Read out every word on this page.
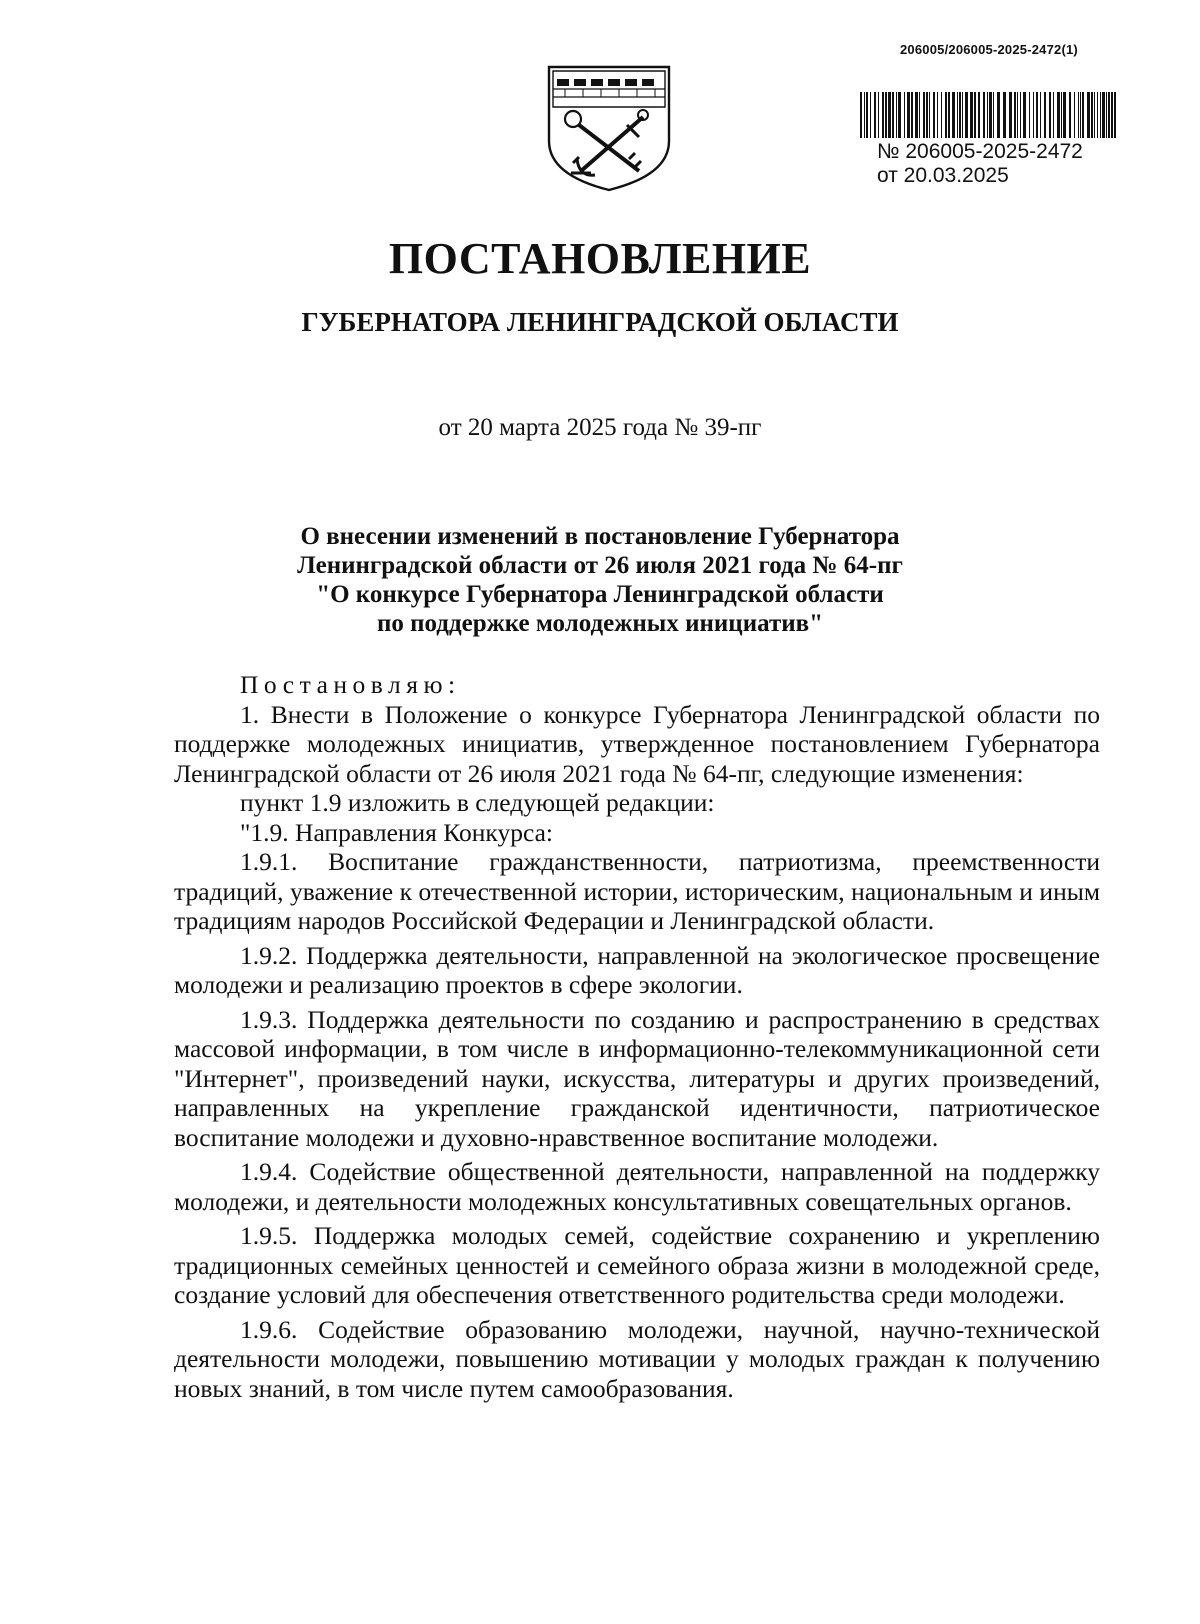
206005/206005-2025-2472(1)
№ 206005-2025-2472
от 20.03.2025
ПОСТАНОВЛЕНИЕ
ГУБЕРНАТОРА ЛЕНИНГРАДСКОЙ ОБЛАСТИ
от 20 марта 2025 года № 39-пг
О внесении изменений в постановление Губернатора
Ленинградской области от 26 июля 2021 года № 64-пг
"О конкурсе Губернатора Ленинградской области
по поддержке молодежных инициатив"

Постановляю:

1. Внести в Положение о конкурсе Губернатора Ленинградской области по поддержке молодежных инициатив, утвержденное постановлением Губернатора Ленинградской области от 26 июля 2021 года № 64-пг, следующие изменения:

пункт 1.9 изложить в следующей редакции:

"1.9. Направления Конкурса:

1.9.1. Воспитание гражданственности, патриотизма, преемственности традиций, уважение к отечественной истории, историческим, национальным и иным традициям народов Российской Федерации и Ленинградской области.

1.9.2. Поддержка деятельности, направленной на экологическое просвещение молодежи и реализацию проектов в сфере экологии.

1.9.3. Поддержка деятельности по созданию и распространению в средствах массовой информации, в том числе в информационно-телекоммуникационной сети "Интернет", произведений науки, искусства, литературы и других произведений, направленных на укрепление гражданской идентичности, патриотическое воспитание молодежи и духовно-нравственное воспитание молодежи.

1.9.4. Содействие общественной деятельности, направленной на поддержку молодежи, и деятельности молодежных консультативных совещательных органов.

1.9.5. Поддержка молодых семей, содействие сохранению и укреплению традиционных семейных ценностей и семейного образа жизни в молодежной среде, создание условий для обеспечения ответственного родительства среди молодежи.

1.9.6. Содействие образованию молодежи, научной, научно-технической деятельности молодежи, повышению мотивации у молодых граждан к получению новых знаний, в том числе путем самообразования.
